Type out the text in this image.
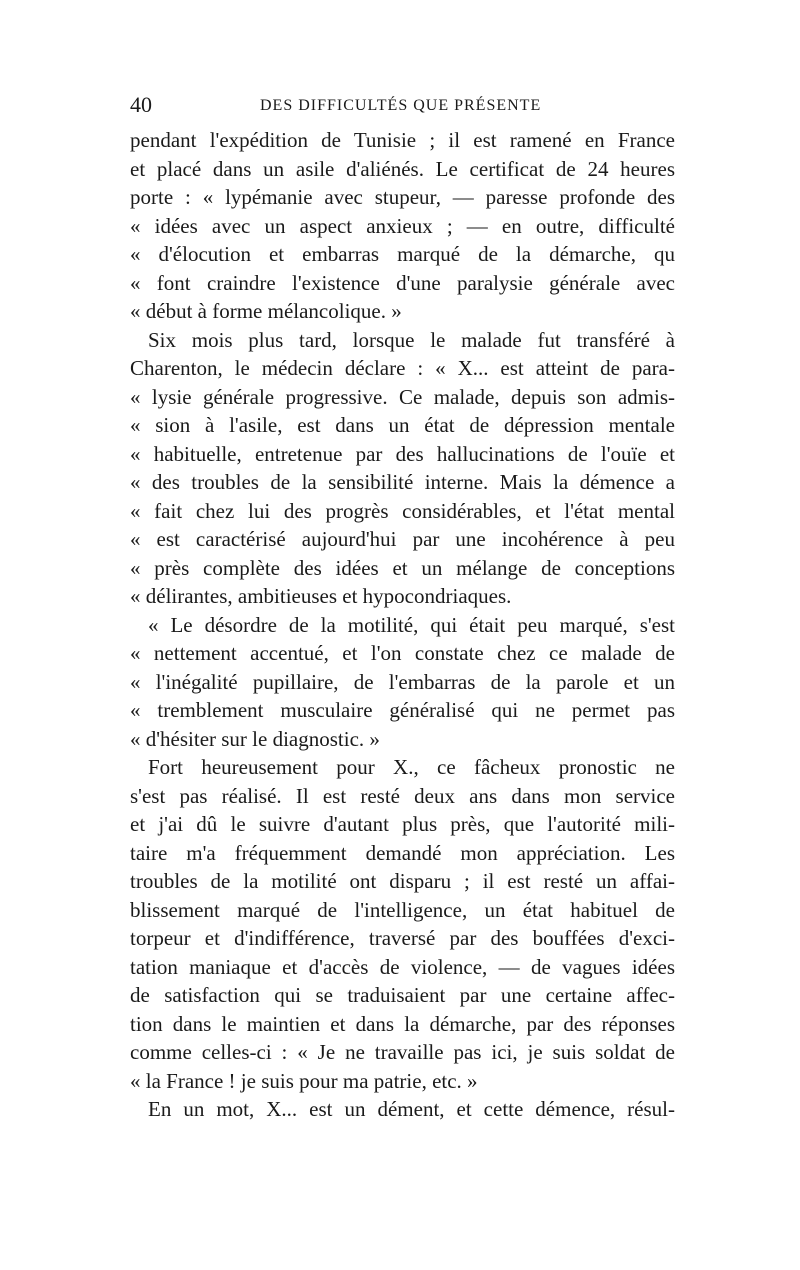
40	DES DIFFICULTÉS QUE PRÉSENTE
pendant l'expédition de Tunisie ; il est ramené en France
et placé dans un asile d'aliénés. Le certificat de 24 heures
porte : « lypémanie avec stupeur, — paresse profonde des
« idées avec un aspect anxieux ; — en outre, difficulté
« d'élocution et embarras marqué de la démarche, qu
« font craindre l'existence d'une paralysie générale avec
« début à forme mélancolique. »
Six mois plus tard, lorsque le malade fut transféré à
Charenton, le médecin déclare : « X... est atteint de para-
« lysie générale progressive. Ce malade, depuis son admis-
« sion à l'asile, est dans un état de dépression mentale
« habituelle, entretenue par des hallucinations de l'ouïe et
« des troubles de la sensibilité interne. Mais la démence a
« fait chez lui des progrès considérables, et l'état mental
« est caractérisé aujourd'hui par une incohérence à peu
« près complète des idées et un mélange de conceptions
« délirantes, ambitieuses et hypocondriaques.
« Le désordre de la motilité, qui était peu marqué, s'est
« nettement accentué, et l'on constate chez ce malade de
« l'inégalité pupillaire, de l'embarras de la parole et un
« tremblement musculaire généralisé qui ne permet pas
« d'hésiter sur le diagnostic. »
Fort heureusement pour X., ce fâcheux pronostic ne
s'est pas réalisé. Il est resté deux ans dans mon service
et j'ai dû le suivre d'autant plus près, que l'autorité mili-
taire m'a fréquemment demandé mon appréciation. Les
troubles de la motilité ont disparu ; il est resté un affai-
blissement marqué de l'intelligence, un état habituel de
torpeur et d'indifférence, traversé par des bouffées d'exci-
tation maniaque et d'accès de violence, — de vagues idées
de satisfaction qui se traduisaient par une certaine affec-
tion dans le maintien et dans la démarche, par des réponses
comme celles-ci : « Je ne travaille pas ici, je suis soldat de
« la France ! je suis pour ma patrie, etc. »
En un mot, X... est un dément, et cette démence, résul-
